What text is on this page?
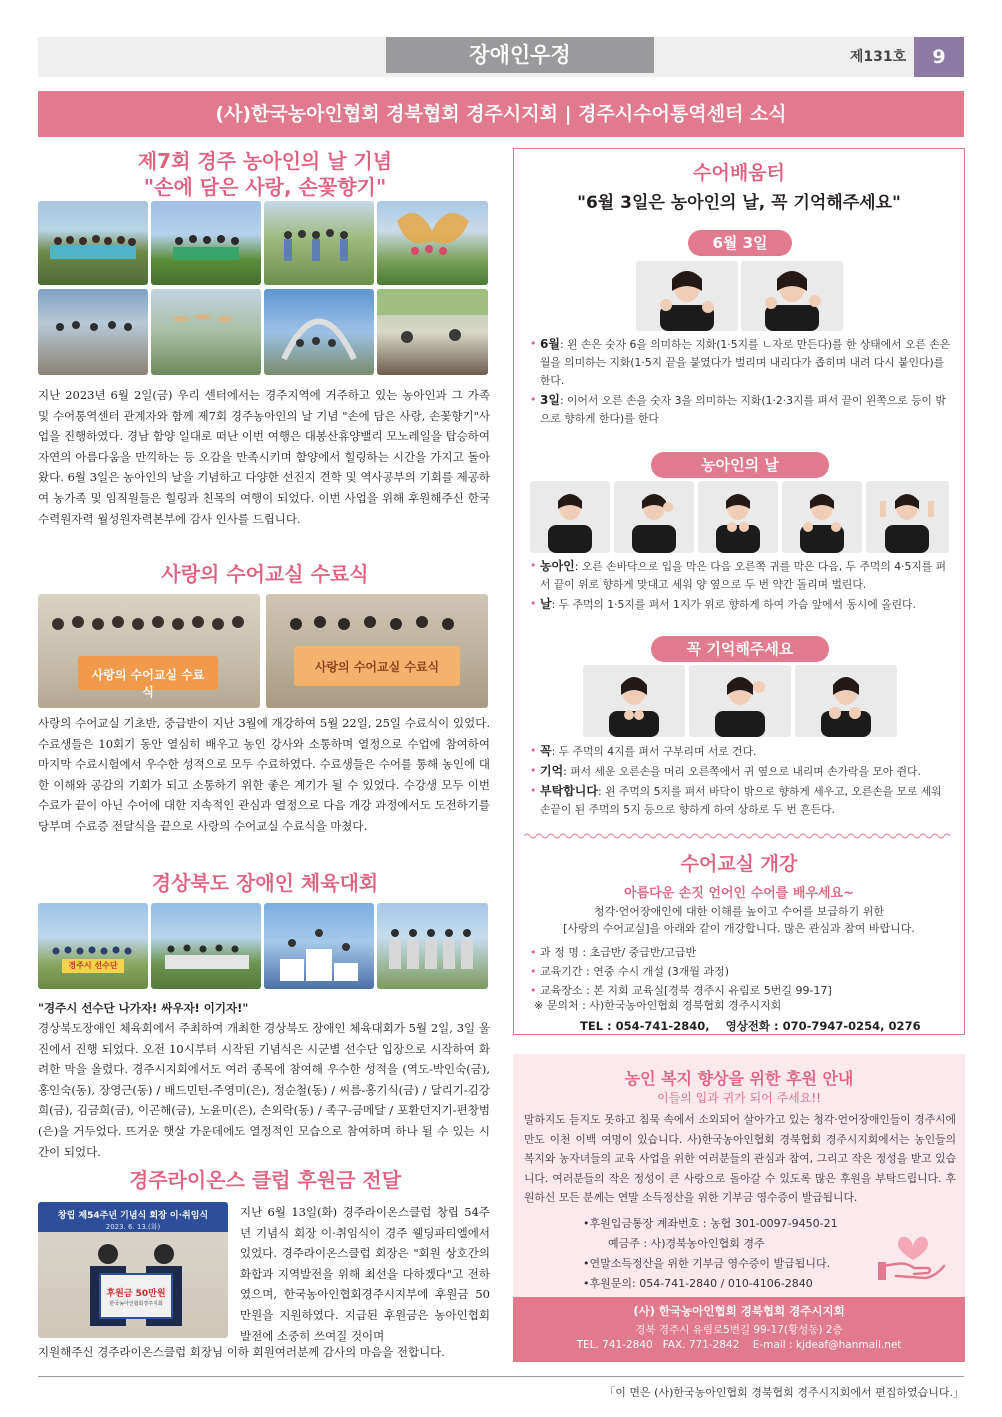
장애인우정	제131호	9
(사)한국농아인협회 경북협회 경주시지회 | 경주시수어통역센터 소식
제7회 경주 농아인의 날 기념
"손에 담은 사랑, 손꽃향기"
지난 2023년 6월 2일(금) 우리 센터에서는 경주지역에 거주하고 있는 농아인과 그 가족 및 수어통역센터 관계자와 함께 제7회 경주농아인의 날 기념 "손에 담은 사랑, 손꽃향기"사업을 진행하였다. 경남 함양 일대로 떠난 이번 여행은 대봉산휴양밸리 모노레일을 탑승하여 자연의 아름다움을 만끽하는 등 오감을 만족시키며 함양에서 힐링하는 시간을 가지고 돌아왔다. 6월 3일은 농아인의 날을 기념하고 다양한 선진지 견학 및 역사공부의 기회를 제공하여 농가족 및 임직원들은 힐링과 친목의 여행이 되었다. 이번 사업을 위해 후원해주신 한국수력원자력 월성원자력본부에 감사 인사를 드립니다.
사랑의 수어교실 수료식
사랑의 수어교실 수료식
사랑의 수어교실 수료식
사랑의 수어교실 기초반, 중급반이 지난 3월에 개강하여 5월 22일, 25일 수료식이 있었다. 수료생들은 10회기 동안 열심히 배우고 농인 강사와 소통하며 열정으로 수업에 참여하여 마지막 수료시험에서 우수한 성적으로 모두 수료하였다. 수료생들은 수어를 통해 농인에 대한 이해와 공감의 기회가 되고 소통하기 위한 좋은 계기가 될 수 있었다. 수강생 모두 이번 수료가 끝이 아닌 수어에 대한 지속적인 관심과 열정으로 다음 개강 과정에서도 도전하기를 당부며 수료증 전달식을 끝으로 사랑의 수어교실 수료식을 마쳤다.
경상북도 장애인 체육대회
경주시 선수단
"경주시 선수단 나가자! 싸우자! 이기자!"
경상북도장애인 체육회에서 주최하여 개최한 경상북도 장애인 체육대회가 5월 2일, 3일 울진에서 진행 되었다. 오전 10시부터 시작된 기념식은 시군별 선수단 입장으로 시작하여 화려한 막을 올렸다. 경주시지회에서도 여러 종목에 참여해 우수한 성적을 (역도-박인숙(금), 홍인숙(동), 장영근(동) / 배드민턴-주영미(은), 정순철(동) / 씨름-홍기식(금) / 달리기-김강희(금), 김금희(금), 이곤해(금), 노윤미(은), 손외락(동) / 족구-금메달 / 포환던지기-편창범(은)을 거두었다. 뜨거운 햇살 가운데에도 열정적인 모습으로 참여하며 하나 될 수 있는 시간이 되었다.
경주라이온스 클럽 후원금 전달
창립 제54주년 기념식 회장 이·취임식
2023. 6. 13.(화)
후원금 50만원
한국농아인협회경주지회
지난 6월 13일(화) 경주라이온스클럽 창립 54주년 기념식 회장 이·취임식이 경주 웰딩파티엘에서 있었다. 경주라이온스클럽 회장은 "회원 상호간의 화합과 지역발전을 위해 최선을 다하겠다"고 전하였으며, 한국농아인협회경주시지부에 후원금 50만원을 지원하였다. 지급된 후원금은 농아인협회 발전에 소중히 쓰여질 것이며
지원해주신 경주라이온스클럽 회장님 이하 회원여러분께 감사의 마음을 전합니다.
수어배움터
"6월 3일은 농아인의 날, 꼭 기억해주세요"
6월 3일
• 6월: 왼 손은 숫자 6을 의미하는 지화(1·5지를 ㄴ자로 만든다)를 한 상태에서 오른 손은 월을 의미하는 지화(1·5지 끝을 붙였다가 벌리며 내리다가 좁히며 내려 다시 붙인다)를 한다.
• 3일: 이어서 오른 손을 숫자 3을 의미하는 지화(1·2·3지를 펴서 끝이 왼쪽으로 등이 밖으로 향하게 한다)를 한다
농아인의 날
• 농아인: 오른 손바닥으로 입을 막은 다음 오른쪽 귀를 막은 다음, 두 주먹의 4·5지를 펴서 끝이 위로 향하게 맞대고 세워 양 옆으로 두 번 약간 돌리며 벌린다.
• 날: 두 주먹의 1·5지를 펴서 1지가 위로 향하게 하여 가슴 앞에서 동시에 올린다.
꼭 기억해주세요
• 꼭: 두 주먹의 4지를 펴서 구부리며 서로 건다.
• 기억: 펴서 세운 오른손을 머리 오른쪽에서 귀 옆으로 내리며 손가락을 모아 쥔다.
• 부탁합니다: 왼 주먹의 5지를 펴서 바닥이 밖으로 향하게 세우고, 오른손을 모로 세워 손끝이 된 주먹의 5지 등으로 향하게 하여 상하로 두 번 흔든다.
수어교실 개강
아름다운 손짓 언어인 수어를 배우세요~
청각·언어장애인에 대한 이해를 높이고 수어를 보급하기 위한
[사랑의 수어교실]을 아래와 같이 개강합니다. 많은 관심과 참여 바랍니다.
• 과 정 명 : 초급반/ 중급반/고급반
• 교육기간 : 연중 수시 개설 (3개월 과정)
• 교육장소 : 본 지회 교육실[경북 경주시 유림로 5번길 99-17]
※ 문의처 : 사)한국농아인협회 경북협회 경주시지회
TEL : 054-741-2840,    영상전화 : 070-7947-0254, 0276
농인 복지 향상을 위한 후원 안내
이들의 입과 귀가 되어 주세요!!
말하지도 듣지도 못하고 침묵 속에서 소외되어 살아가고 있는 청각·언어장애인들이 경주시에만도 이천 이백 여명이 있습니다. 사)한국농아인협회 경북협회 경주시지회에서는 농인들의 복지와 농자녀들의 교육 사업을 위한 여러분들의 관심과 참여, 그리고 작은 정성을 받고 있습니다. 여러분들의 작은 정성이 큰 사랑으로 돌아갈 수 있도록 많은 후원을 부탁드립니다. 후원하신 모든 분께는 연말 소득정산을 위한 기부금 영수증이 발급됩니다.
•후원입금통장 계좌번호 : 농협 301-0097-9450-21
예금주 : 사)경북농아인협회 경주
•연말소득정산을 위한 기부금 영수증이 발급됩니다.
•후원문의: 054-741-2840 / 010-4106-2840
(사) 한국농아인협회 경북협회 경주시지회
경북 경주시 유림로5번길 99-17(황성동) 2층
TEL. 741-2840   FAX. 771-2842    E-mail : kjdeaf@hanmail.net
「이 면은 (사)한국농아인협회 경북협회 경주시지회에서 편집하였습니다.」
